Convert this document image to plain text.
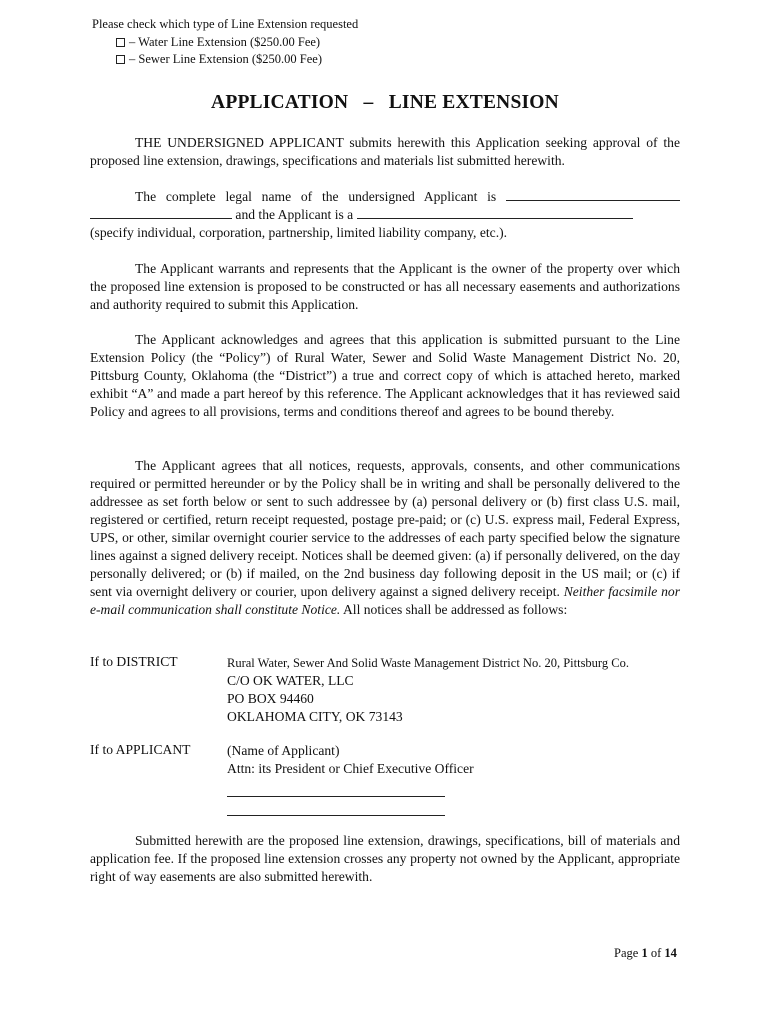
Please check which type of Line Extension requested
– Water Line Extension ($250.00 Fee)
– Sewer Line Extension ($250.00 Fee)
APPLICATION   –   LINE EXTENSION
THE UNDERSIGNED APPLICANT submits herewith this Application seeking approval of the proposed line extension, drawings, specifications and materials list submitted herewith.
The complete legal name of the undersigned Applicant is   and the Applicant is a
(specify individual, corporation, partnership, limited liability company, etc.).
The Applicant warrants and represents that the Applicant is the owner of the property over which the proposed line extension is proposed to be constructed or has all necessary easements and authorizations and authority required to submit this Application.
The Applicant acknowledges and agrees that this application is submitted pursuant to the Line Extension Policy (the “Policy”) of Rural Water, Sewer and Solid Waste Management District No. 20, Pittsburg County, Oklahoma (the “District”) a true and correct copy of which is attached hereto, marked exhibit “A” and made a part hereof by this reference. The Applicant acknowledges that it has reviewed said Policy and agrees to all provisions, terms and conditions thereof and agrees to be bound thereby.
The Applicant agrees that all notices, requests, approvals, consents, and other communications required or permitted hereunder or by the Policy shall be in writing and shall be personally delivered to the addressee as set forth below or sent to such addressee by (a) personal delivery or (b) first class U.S. mail, registered or certified, return receipt requested, postage pre-paid; or (c) U.S. express mail, Federal Express, UPS, or other, similar overnight courier service to the addresses of each party specified below the signature lines against a signed delivery receipt. Notices shall be deemed given: (a) if personally delivered, on the day personally delivered; or (b) if mailed, on the 2nd business day following deposit in the US mail; or (c) if sent via overnight delivery or courier, upon delivery against a signed delivery receipt. Neither facsimile nor e-mail communication shall constitute Notice. All notices shall be addressed as follows:
If to DISTRICT	Rural Water, Sewer And Solid Waste Management District No. 20, Pittsburg Co.
C/O OK WATER, LLC
PO BOX 94460
OKLAHOMA CITY, OK 73143
If to APPLICANT	(Name of Applicant)
Attn: its President or Chief Executive Officer
Submitted herewith are the proposed line extension, drawings, specifications, bill of materials and application fee. If the proposed line extension crosses any property not owned by the Applicant, appropriate right of way easements are also submitted herewith.
Page 1 of 14
